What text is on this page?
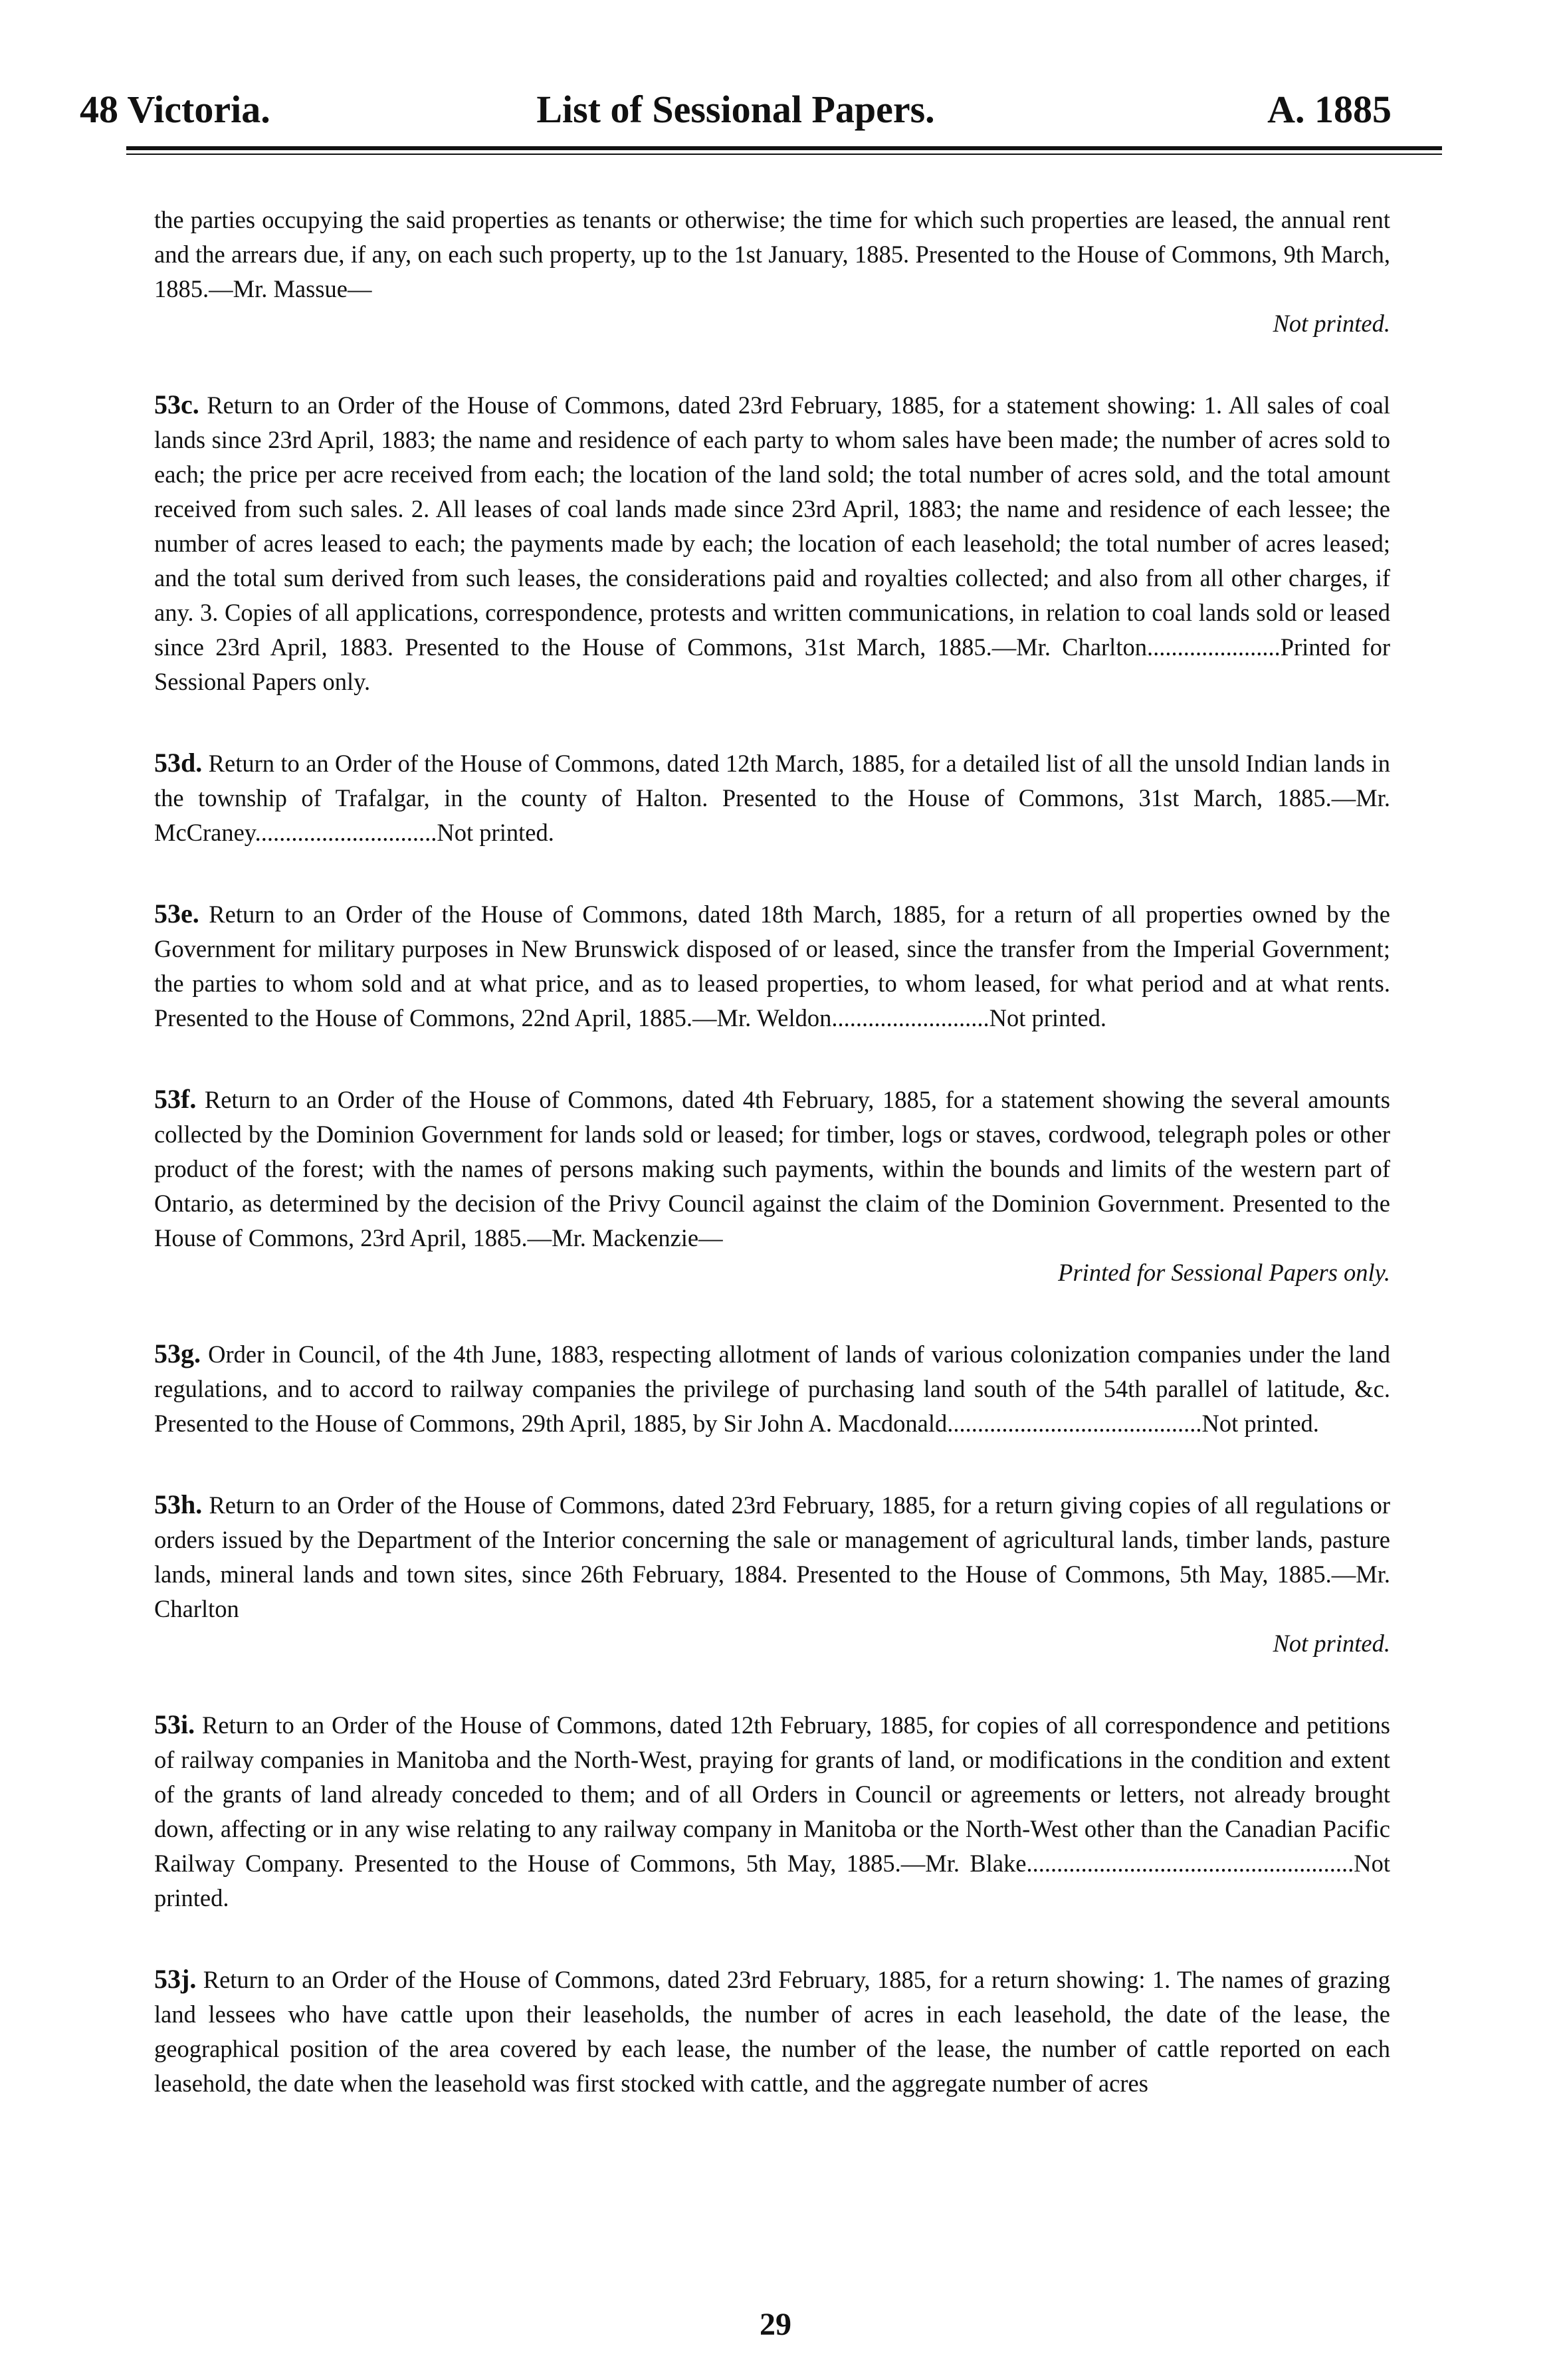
48 Victoria.	List of Sessional Papers.	A. 1885

the parties occupying the said properties as tenants or otherwise; the time for which such properties are leased, the annual rent and the arrears due, if any, on each such property, up to the 1st January, 1885. Presented to the House of Commons, 9th March, 1885.—Mr. Massue—

Not printed.

53c. Return to an Order of the House of Commons, dated 23rd February, 1885, for a statement showing: 1. All sales of coal lands since 23rd April, 1883; the name and residence of each party to whom sales have been made; the number of acres sold to each; the price per acre received from each; the location of the land sold; the total number of acres sold, and the total amount received from such sales. 2. All leases of coal lands made since 23rd April, 1883; the name and residence of each lessee; the number of acres leased to each; the payments made by each; the location of each leasehold; the total number of acres leased; and the total sum derived from such leases, the considerations paid and royalties collected; and also from all other charges, if any. 3. Copies of all applications, correspondence, protests and written communications, in relation to coal lands sold or leased since 23rd April, 1883. Presented to the House of Commons, 31st March, 1885.—Mr. Charlton......................Printed for Sessional Papers only.

53d. Return to an Order of the House of Commons, dated 12th March, 1885, for a detailed list of all the unsold Indian lands in the township of Trafalgar, in the county of Halton. Presented to the House of Commons, 31st March, 1885.—Mr. McCraney..............................Not printed.

53e. Return to an Order of the House of Commons, dated 18th March, 1885, for a return of all properties owned by the Government for military purposes in New Brunswick disposed of or leased, since the transfer from the Imperial Government; the parties to whom sold and at what price, and as to leased properties, to whom leased, for what period and at what rents. Presented to the House of Commons, 22nd April, 1885.—Mr. Weldon..........................Not printed.

53f. Return to an Order of the House of Commons, dated 4th February, 1885, for a statement showing the several amounts collected by the Dominion Government for lands sold or leased; for timber, logs or staves, cordwood, telegraph poles or other product of the forest; with the names of persons making such payments, within the bounds and limits of the western part of Ontario, as determined by the decision of the Privy Council against the claim of the Dominion Government. Presented to the House of Commons, 23rd April, 1885.—Mr. Mackenzie—

Printed for Sessional Papers only.

53g. Order in Council, of the 4th June, 1883, respecting allotment of lands of various colonization companies under the land regulations, and to accord to railway companies the privilege of purchasing land south of the 54th parallel of latitude, &c. Presented to the House of Commons, 29th April, 1885, by Sir John A. Macdonald..........................................Not printed.

53h. Return to an Order of the House of Commons, dated 23rd February, 1885, for a return giving copies of all regulations or orders issued by the Department of the Interior concerning the sale or management of agricultural lands, timber lands, pasture lands, mineral lands and town sites, since 26th February, 1884. Presented to the House of Commons, 5th May, 1885.—Mr. Charlton

Not printed.

53i. Return to an Order of the House of Commons, dated 12th February, 1885, for copies of all correspondence and petitions of railway companies in Manitoba and the North-West, praying for grants of land, or modifications in the condition and extent of the grants of land already conceded to them; and of all Orders in Council or agreements or letters, not already brought down, affecting or in any wise relating to any railway company in Manitoba or the North-West other than the Canadian Pacific Railway Company. Presented to the House of Commons, 5th May, 1885.—Mr. Blake......................................................Not printed.

53j. Return to an Order of the House of Commons, dated 23rd February, 1885, for a return showing: 1. The names of grazing land lessees who have cattle upon their leaseholds, the number of acres in each leasehold, the date of the lease, the geographical position of the area covered by each lease, the number of the lease, the number of cattle reported on each leasehold, the date when the leasehold was first stocked with cattle, and the aggregate number of acres

29
